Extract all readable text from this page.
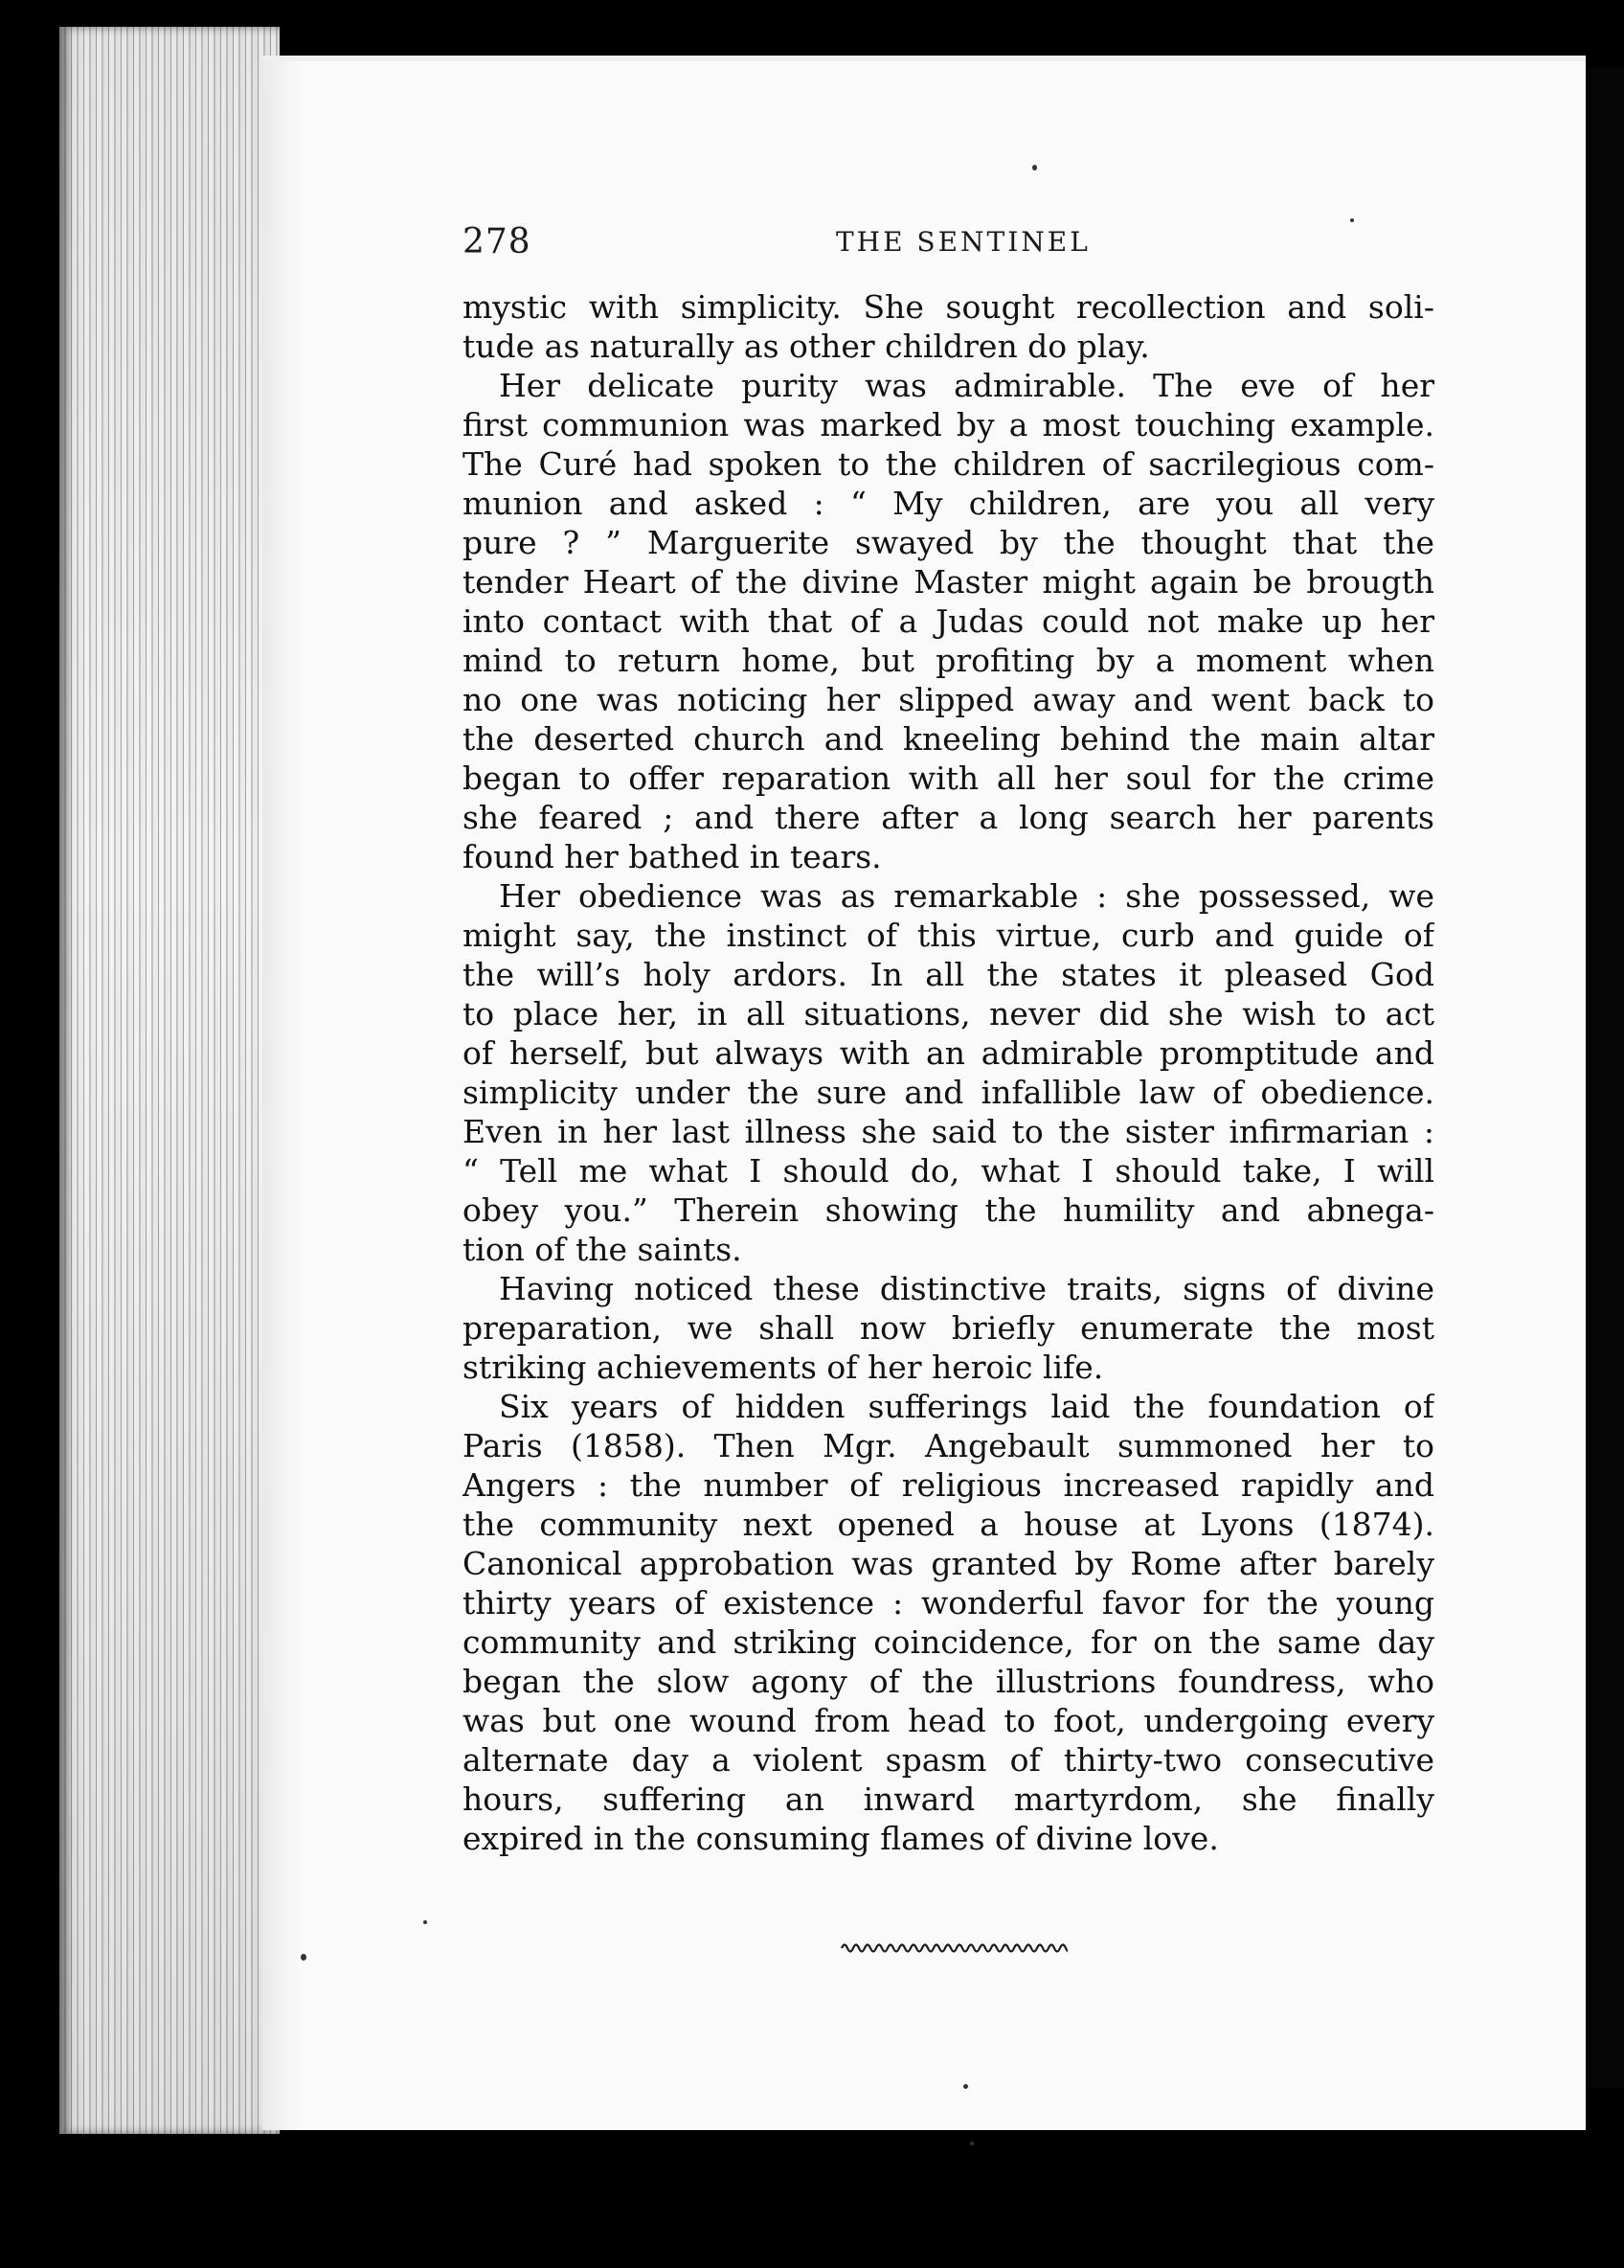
278	THE SENTINEL
mystic with simplicity. She sought recollection and soli-
tude as naturally as other children do play.
Her delicate purity was admirable. The eve of her
first communion was marked by a most touching example.
The Curé had spoken to the children of sacrilegious com-
munion and asked : “ My children, are you all very
pure ? ” Marguerite swayed by the thought that the
tender Heart of the divine Master might again be brougth
into contact with that of a Judas could not make up her
mind to return home, but profiting by a moment when
no one was noticing her slipped away and went back to
the deserted church and kneeling behind the main altar
began to offer reparation with all her soul for the crime
she feared ; and there after a long search her parents
found her bathed in tears.
Her obedience was as remarkable : she possessed, we
might say, the instinct of this virtue, curb and guide of
the will’s holy ardors. In all the states it pleased God
to place her, in all situations, never did she wish to act
of herself, but always with an admirable promptitude and
simplicity under the sure and infallible law of obedience.
Even in her last illness she said to the sister infirmarian :
“ Tell me what I should do, what I should take, I will
obey you.” Therein showing the humility and abnega-
tion of the saints.
Having noticed these distinctive traits, signs of divine
preparation, we shall now briefly enumerate the most
striking achievements of her heroic life.
Six years of hidden sufferings laid the foundation of
Paris (1858). Then Mgr. Angebault summoned her to
Angers : the number of religious increased rapidly and
the community next opened a house at Lyons (1874).
Canonical approbation was granted by Rome after barely
thirty years of existence : wonderful favor for the young
community and striking coincidence, for on the same day
began the slow agony of the illustrions foundress, who
was but one wound from head to foot, undergoing every
alternate day a violent spasm of thirty-two consecutive
hours, suffering an inward martyrdom, she finally
expired in the consuming flames of divine love.
